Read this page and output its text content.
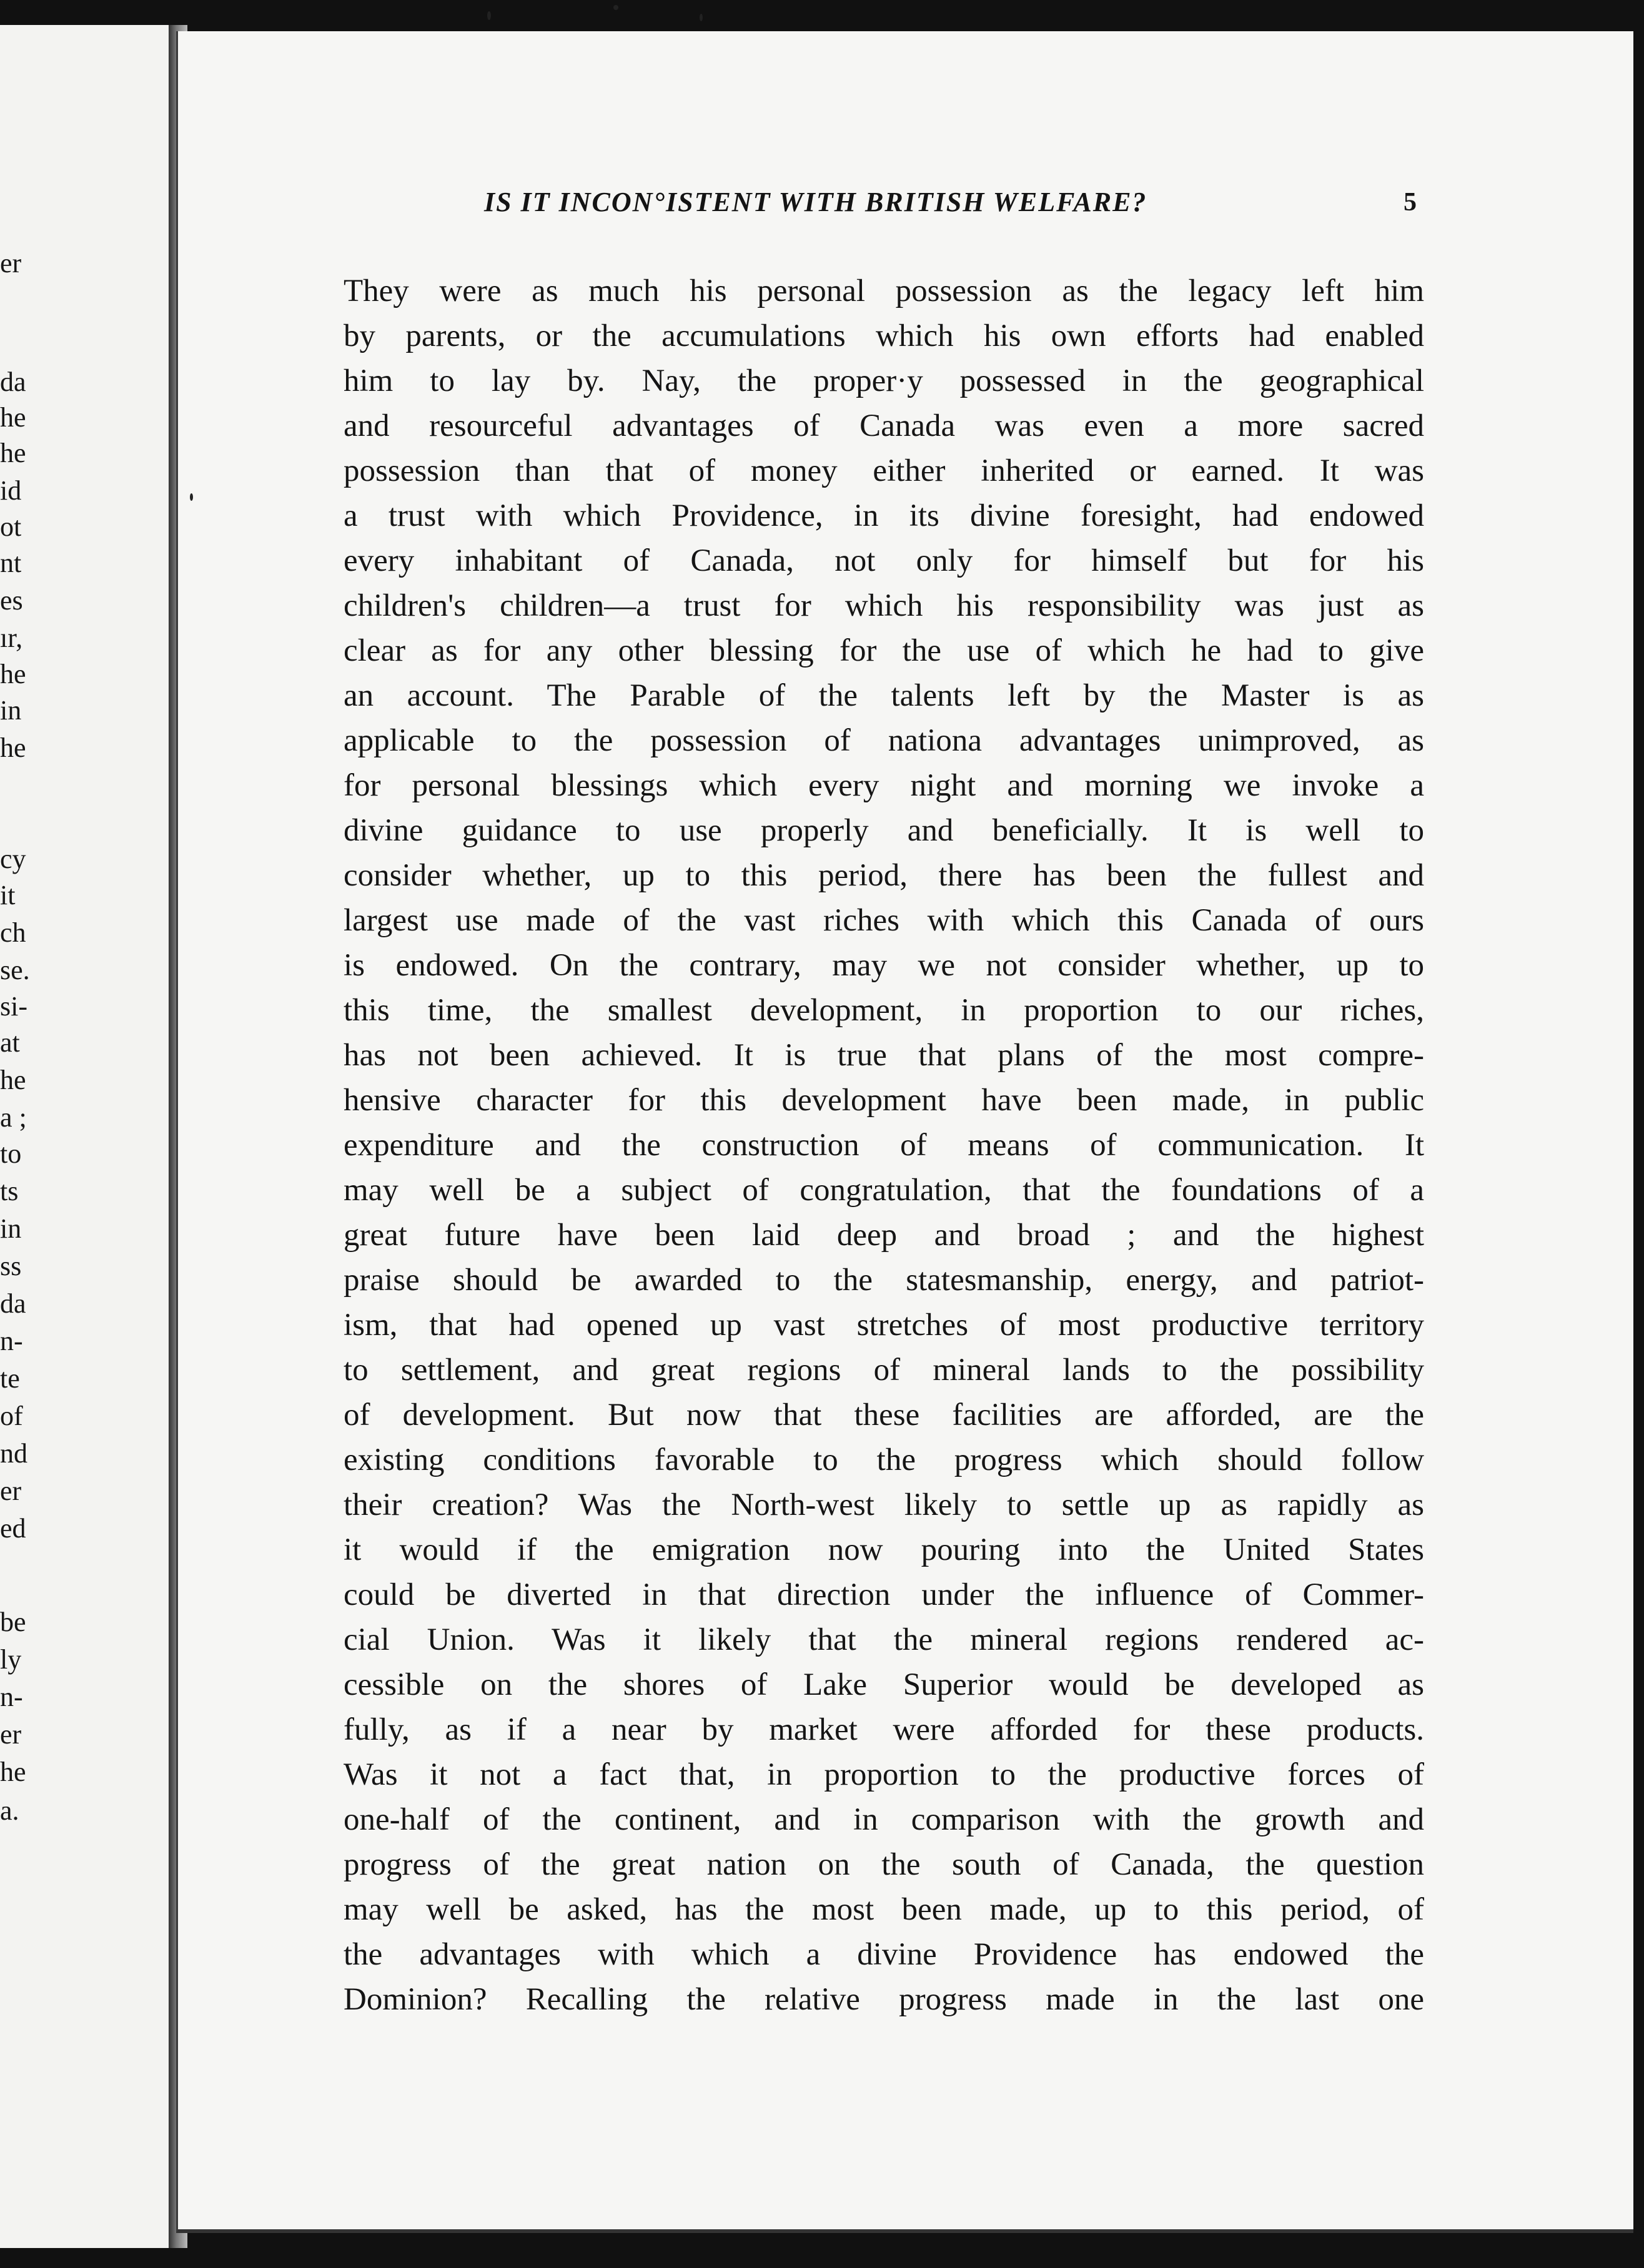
er
da
he
he
id
ot
nt
es
ır,
he
in
he
cy
it
ch
se.
si-
at
he
a ;
to
ts
in
ss
da
n-
te
of
nd
er
ed
be
ly
n-
er
he
a.
IS IT INCON°ISTENT WITH BRITISH WELFARE?	5
They were as much his personal possession as the legacy left him
by parents, or the accumulations which his own efforts had enabled
him to lay by. Nay, the proper·y possessed in the geographical
and resourceful advantages of Canada was even a more sacred
possession than that of money either inherited or earned. It was
a trust with which Providence, in its divine foresight, had endowed
every inhabitant of Canada, not only for himself but for his
children's children—a trust for which his responsibility was just as
clear as for any other blessing for the use of which he had to give
an account. The Parable of the talents left by the Master is as
applicable to the possession of nationa advantages unimproved, as
for personal blessings which every night and morning we invoke a
divine guidance to use properly and beneficially. It is well to
consider whether, up to this period, there has been the fullest and
largest use made of the vast riches with which this Canada of ours
is endowed. On the contrary, may we not consider whether, up to
this time, the smallest development, in proportion to our riches,
has not been achieved. It is true that plans of the most compre-
hensive character for this development have been made, in public
expenditure and the construction of means of communication. It
may well be a subject of congratulation, that the foundations of a
great future have been laid deep and broad ; and the highest
praise should be awarded to the statesmanship, energy, and patriot-
ism, that had opened up vast stretches of most productive territory
to settlement, and great regions of mineral lands to the possibility
of development. But now that these facilities are afforded, are the
existing conditions favorable to the progress which should follow
their creation? Was the North-west likely to settle up as rapidly as
it would if the emigration now pouring into the United States
could be diverted in that direction under the influence of Commer-
cial Union. Was it likely that the mineral regions rendered ac-
cessible on the shores of Lake Superior would be developed as
fully, as if a near by market were afforded for these products.
Was it not a fact that, in proportion to the productive forces of
one-half of the continent, and in comparison with the growth and
progress of the great nation on the south of Canada, the question
may well be asked, has the most been made, up to this period, of
the advantages with which a divine Providence has endowed the
Dominion? Recalling the relative progress made in the last one
